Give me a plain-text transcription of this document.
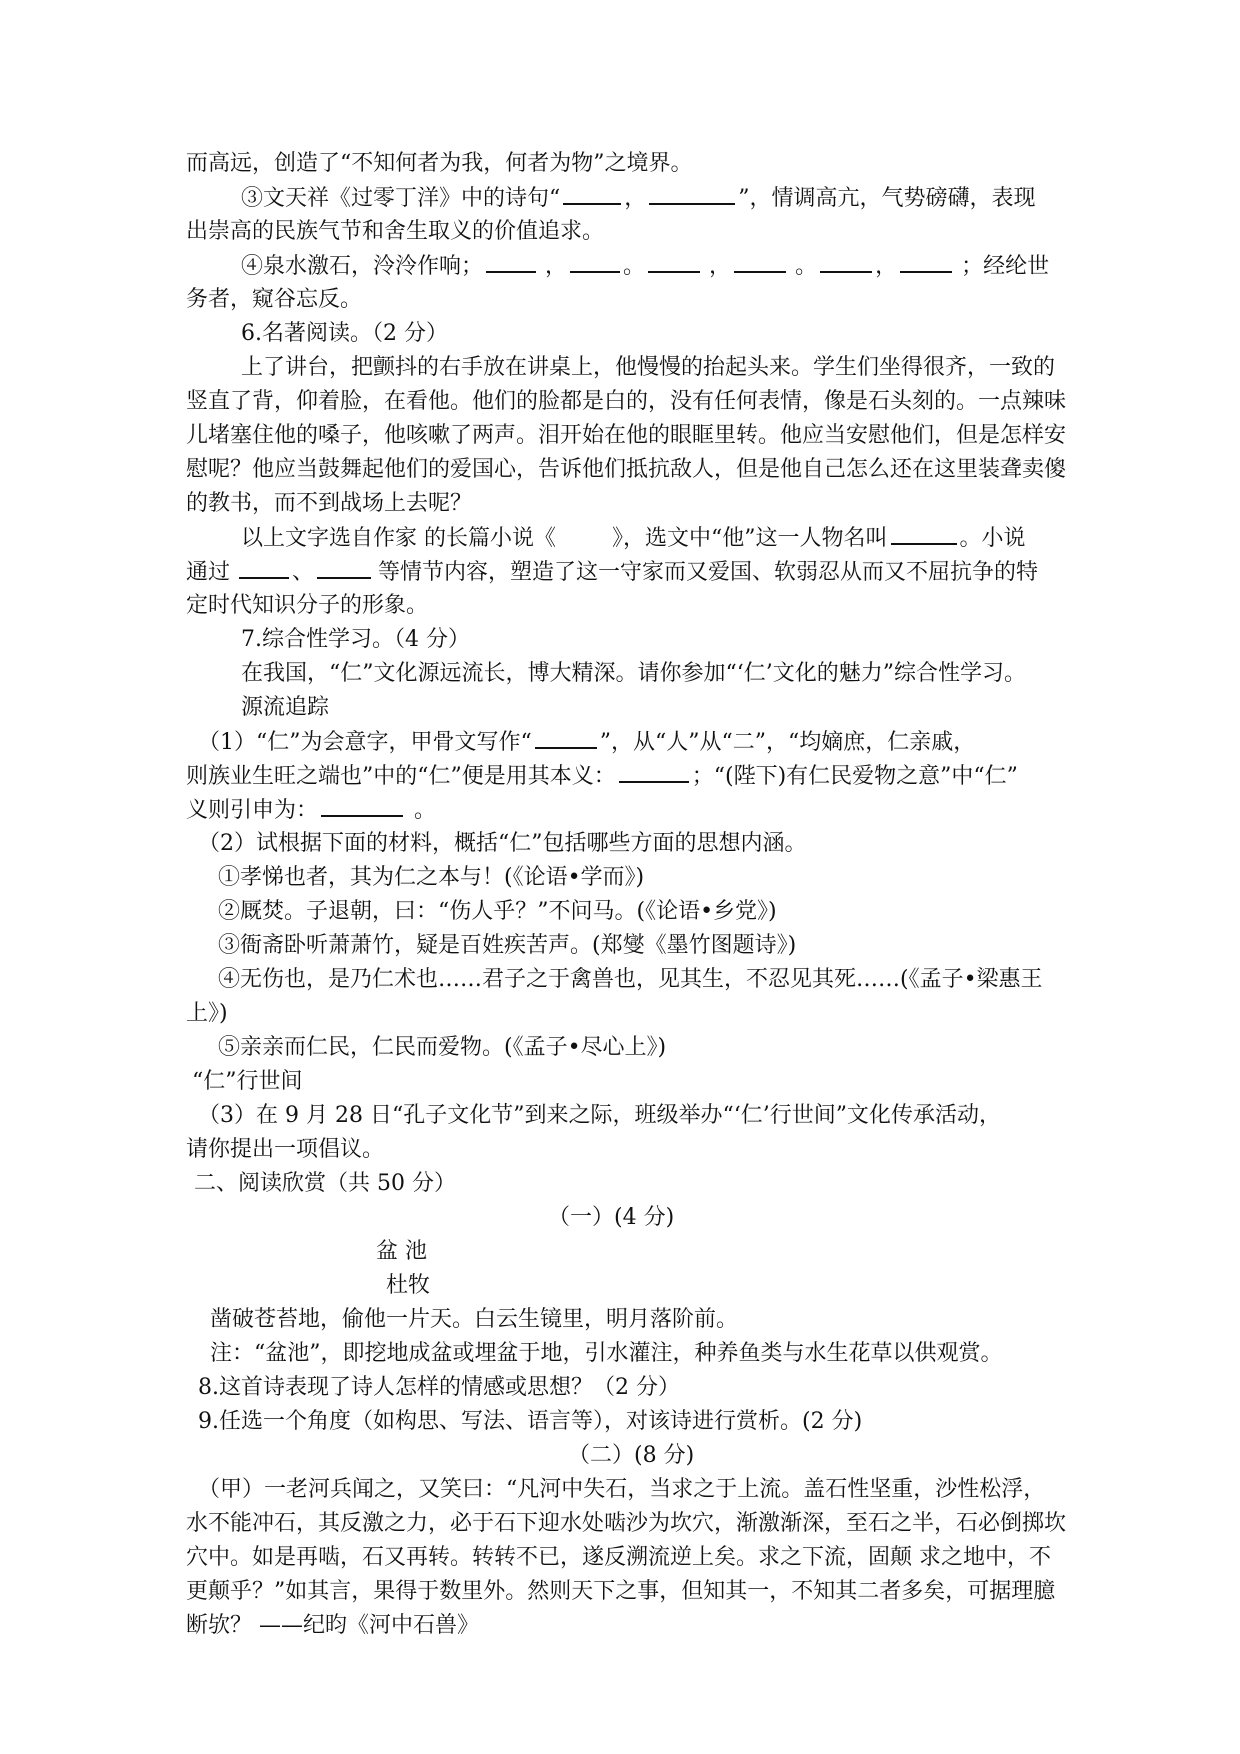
而高远，创造了“不知何者为我，何者为物”之境界。
③文天祥《过零丁洋》中的诗句“	，	”，情调高亢，气势磅礴，表现
出崇高的民族气节和舍生取义的价值追求。
④泉水激石，泠泠作响；	，	。	，	。	，	；经纶世
务者，窥谷忘反。
6.名著阅读。（2 分）
上了讲台，把颤抖的右手放在讲桌上，他慢慢的抬起头来。学生们坐得很齐，一致的
竖直了背，仰着脸，在看他。他们的脸都是白的，没有任何表情，像是石头刻的。一点辣味
儿堵塞住他的嗓子，他咳嗽了两声。泪开始在他的眼眶里转。他应当安慰他们，但是怎样安
慰呢？他应当鼓舞起他们的爱国心，告诉他们抵抗敌人，但是他自己怎么还在这里装聋卖傻
的教书，而不到战场上去呢？
以上文字选自作家 的长篇小说《	》，选文中“他”这一人物名叫	。小说
通过	、	等情节内容，塑造了这一守家而又爱国、软弱忍从而又不屈抗争的特
定时代知识分子的形象。
7.综合性学习。（4 分）
在我国，“仁”文化源远流长，博大精深。请你参加“‘仁’文化的魅力”综合性学习。
源流追踪
（1）“仁”为会意字，甲骨文写作“	”，从“人”从“二”，“均嫡庶，仁亲戚，
则族业生旺之端也”中的“仁”便是用其本义：	；“(陛下)有仁民爱物之意”中“仁”
义则引申为：	。
（2）试根据下面的材料，概括“仁”包括哪些方面的思想内涵。
①孝悌也者，其为仁之本与！(《论语•学而》)
②厩焚。子退朝，曰：“伤人乎？”不问马。(《论语•乡党》)
③衙斋卧听萧萧竹，疑是百姓疾苦声。(郑燮《墨竹图题诗》)
④无伤也，是乃仁术也……君子之于禽兽也，见其生，不忍见其死……(《孟子•梁惠王
上》)
⑤亲亲而仁民，仁民而爱物。(《孟子•尽心上》)
“仁”行世间
（3）在 9 月 28 日“孔子文化节”到来之际，班级举办“‘仁’行世间”文化传承活动，
请你提出一项倡议。
二、阅读欣赏（共 50 分）
（一）(4 分)
盆 池
杜牧
凿破苍苔地，偷他一片天。白云生镜里，明月落阶前。
注：“盆池”，即挖地成盆或埋盆于地，引水灌注，种养鱼类与水生花草以供观赏。
8.这首诗表现了诗人怎样的情感或思想？（2 分）
9.任选一个角度（如构思、写法、语言等），对该诗进行赏析。(2 分)
（二）(8 分)
（甲）一老河兵闻之，又笑曰：“凡河中失石，当求之于上流。盖石性坚重，沙性松浮，
水不能冲石，其反激之力，必于石下迎水处啮沙为坎穴，渐激渐深，至石之半，石必倒掷坎
穴中。如是再啮，石又再转。转转不已，遂反溯流逆上矣。求之下流，固颠 求之地中，不
更颠乎？”如其言，果得于数里外。然则天下之事，但知其一，不知其二者多矣，可据理臆
断欤？ ——纪昀《河中石兽》
